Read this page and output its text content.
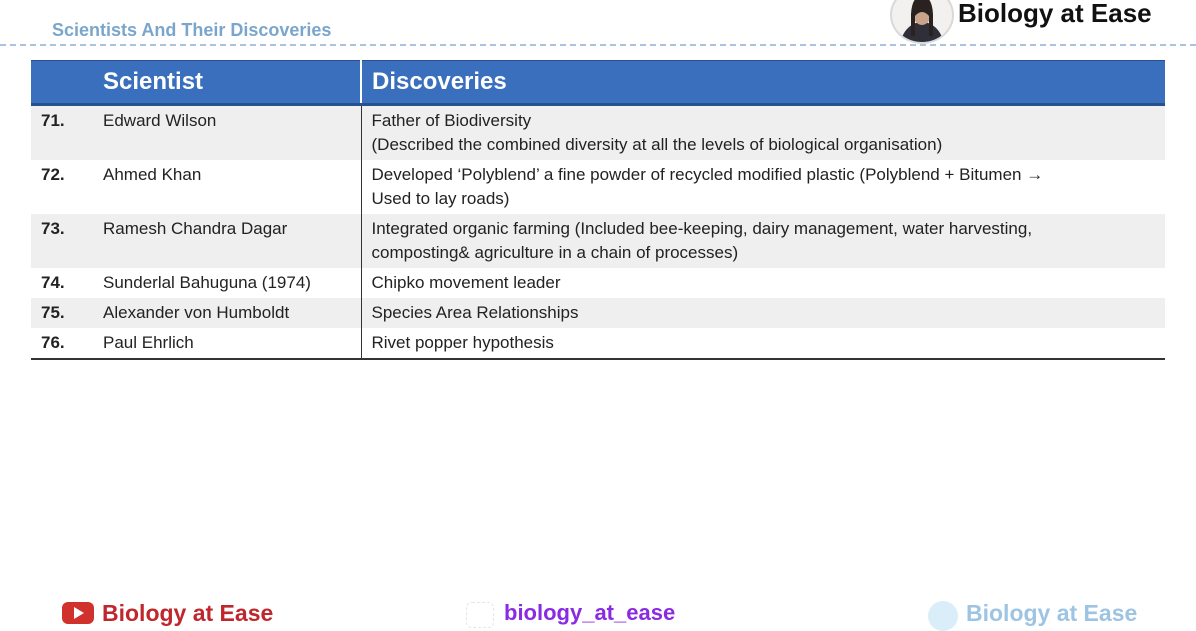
Scientists And Their Discoveries
Biology at Ease
	Scientist	Discoveries
71.	Edward Wilson	Father of Biodiversity
(Described the combined diversity at all the levels of biological organisation)

72.	Ahmed Khan	Developed ‘Polyblend’ a fine powder of recycled modified plastic (Polyblend + Bitumen →
Used to lay roads)

73.	Ramesh Chandra Dagar	Integrated organic farming (Included bee-keeping, dairy management, water harvesting,
composting& agriculture in a chain of processes)

74.	Sunderlal Bahuguna (1974)	Chipko movement leader

75.	Alexander von Humboldt	Species Area Relationships

76.	Paul Ehrlich	Rivet popper hypothesis
Biology at Ease	biology_at_ease	Biology at Ease
